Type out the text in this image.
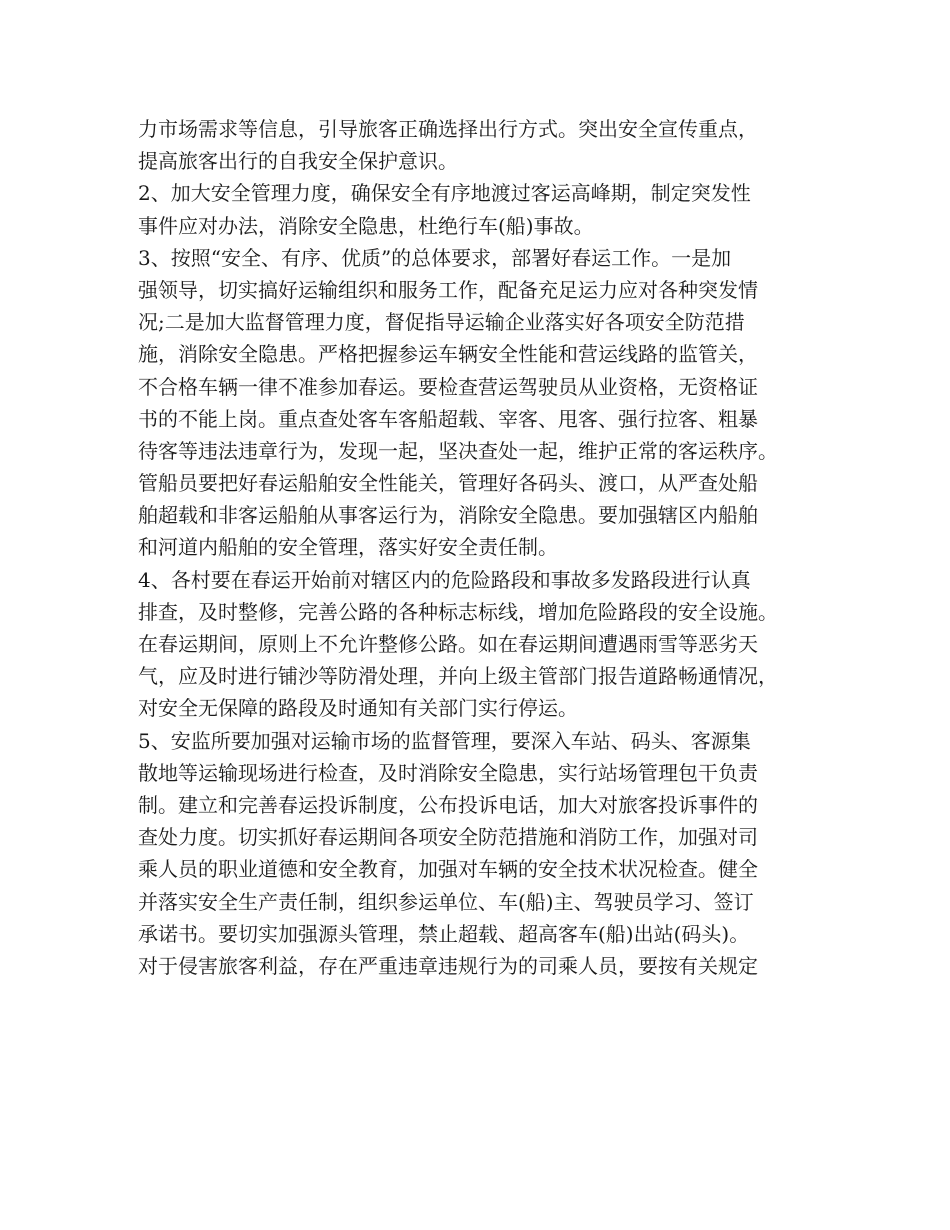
力市场需求等信息，引导旅客正确选择出行方式。突出安全宣传重点，
提高旅客出行的自我安全保护意识。
2、加大安全管理力度，确保安全有序地渡过客运高峰期，制定突发性
事件应对办法，消除安全隐患，杜绝行车(船)事故。
3、按照“安全、有序、优质”的总体要求，部署好春运工作。一是加
强领导，切实搞好运输组织和服务工作，配备充足运力应对各种突发情
况;二是加大监督管理力度，督促指导运输企业落实好各项安全防范措
施，消除安全隐患。严格把握参运车辆安全性能和营运线路的监管关，
不合格车辆一律不准参加春运。要检查营运驾驶员从业资格，无资格证
书的不能上岗。重点查处客车客船超载、宰客、甩客、强行拉客、粗暴
待客等违法违章行为，发现一起，坚决查处一起，维护正常的客运秩序。
管船员要把好春运船舶安全性能关，管理好各码头、渡口，从严查处船
舶超载和非客运船舶从事客运行为，消除安全隐患。要加强辖区内船舶
和河道内船舶的安全管理，落实好安全责任制。
4、各村要在春运开始前对辖区内的危险路段和事故多发路段进行认真
排查，及时整修，完善公路的各种标志标线，增加危险路段的安全设施。
在春运期间，原则上不允许整修公路。如在春运期间遭遇雨雪等恶劣天
气，应及时进行铺沙等防滑处理，并向上级主管部门报告道路畅通情况，
对安全无保障的路段及时通知有关部门实行停运。
5、安监所要加强对运输市场的监督管理，要深入车站、码头、客源集
散地等运输现场进行检查，及时消除安全隐患，实行站场管理包干负责
制。建立和完善春运投诉制度，公布投诉电话，加大对旅客投诉事件的
查处力度。切实抓好春运期间各项安全防范措施和消防工作，加强对司
乘人员的职业道德和安全教育，加强对车辆的安全技术状况检查。健全
并落实安全生产责任制，组织参运单位、车(船)主、驾驶员学习、签订
承诺书。要切实加强源头管理，禁止超载、超高客车(船)出站(码头)。
对于侵害旅客利益，存在严重违章违规行为的司乘人员，要按有关规定
